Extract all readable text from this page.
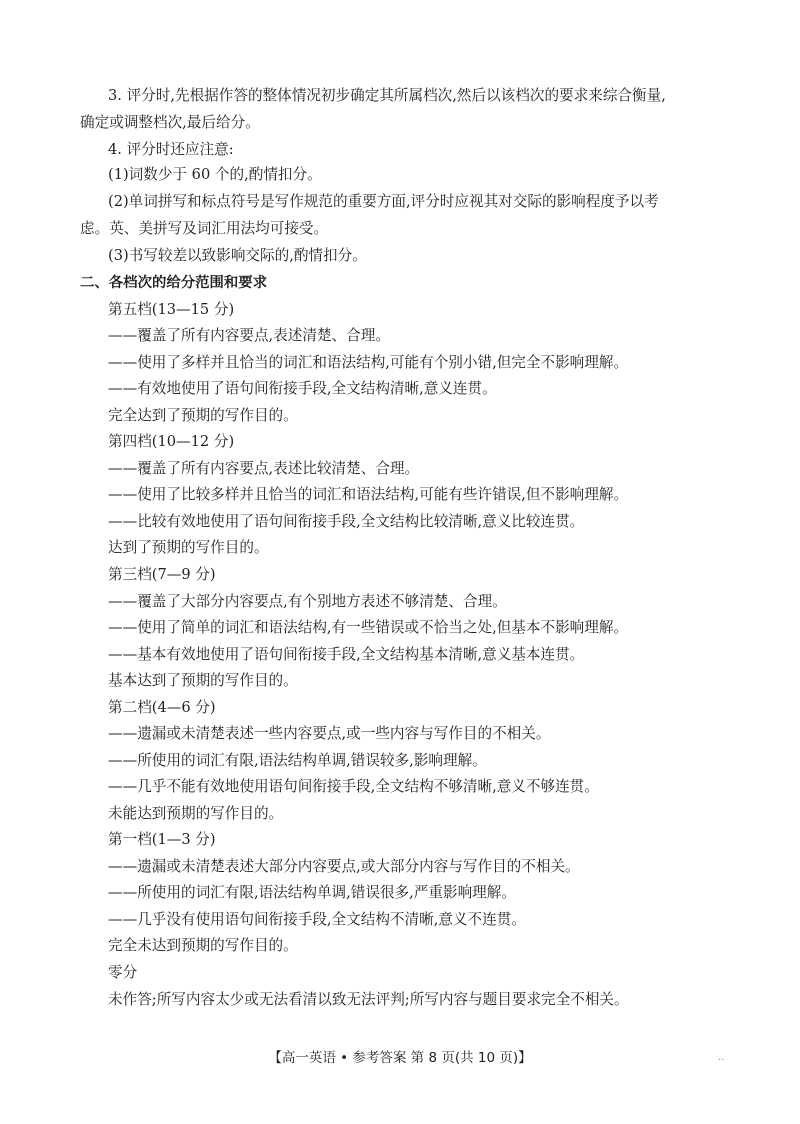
3. 评分时,先根据作答的整体情况初步确定其所属档次,然后以该档次的要求来综合衡量,
确定或调整档次,最后给分。
4. 评分时还应注意:
(1)词数少于 60 个的,酌情扣分。
(2)单词拼写和标点符号是写作规范的重要方面,评分时应视其对交际的影响程度予以考
虑。英、美拼写及词汇用法均可接受。
(3)书写较差以致影响交际的,酌情扣分。
二、各档次的给分范围和要求
第五档(13—15 分)
——覆盖了所有内容要点,表述清楚、合理。
——使用了多样并且恰当的词汇和语法结构,可能有个别小错,但完全不影响理解。
——有效地使用了语句间衔接手段,全文结构清晰,意义连贯。
完全达到了预期的写作目的。
第四档(10—12 分)
——覆盖了所有内容要点,表述比较清楚、合理。
——使用了比较多样并且恰当的词汇和语法结构,可能有些许错误,但不影响理解。
——比较有效地使用了语句间衔接手段,全文结构比较清晰,意义比较连贯。
达到了预期的写作目的。
第三档(7—9 分)
——覆盖了大部分内容要点,有个别地方表述不够清楚、合理。
——使用了简单的词汇和语法结构,有一些错误或不恰当之处,但基本不影响理解。
——基本有效地使用了语句间衔接手段,全文结构基本清晰,意义基本连贯。
基本达到了预期的写作目的。
第二档(4—6 分)
——遗漏或未清楚表述一些内容要点,或一些内容与写作目的不相关。
——所使用的词汇有限,语法结构单调,错误较多,影响理解。
——几乎不能有效地使用语句间衔接手段,全文结构不够清晰,意义不够连贯。
未能达到预期的写作目的。
第一档(1—3 分)
——遗漏或未清楚表述大部分内容要点,或大部分内容与写作目的不相关。
——所使用的词汇有限,语法结构单调,错误很多,严重影响理解。
——几乎没有使用语句间衔接手段,全文结构不清晰,意义不连贯。
完全未达到预期的写作目的。
零分
未作答;所写内容太少或无法看清以致无法评判;所写内容与题目要求完全不相关。
【高一英语 • 参考答案 第 8 页(共 10 页)】	..
